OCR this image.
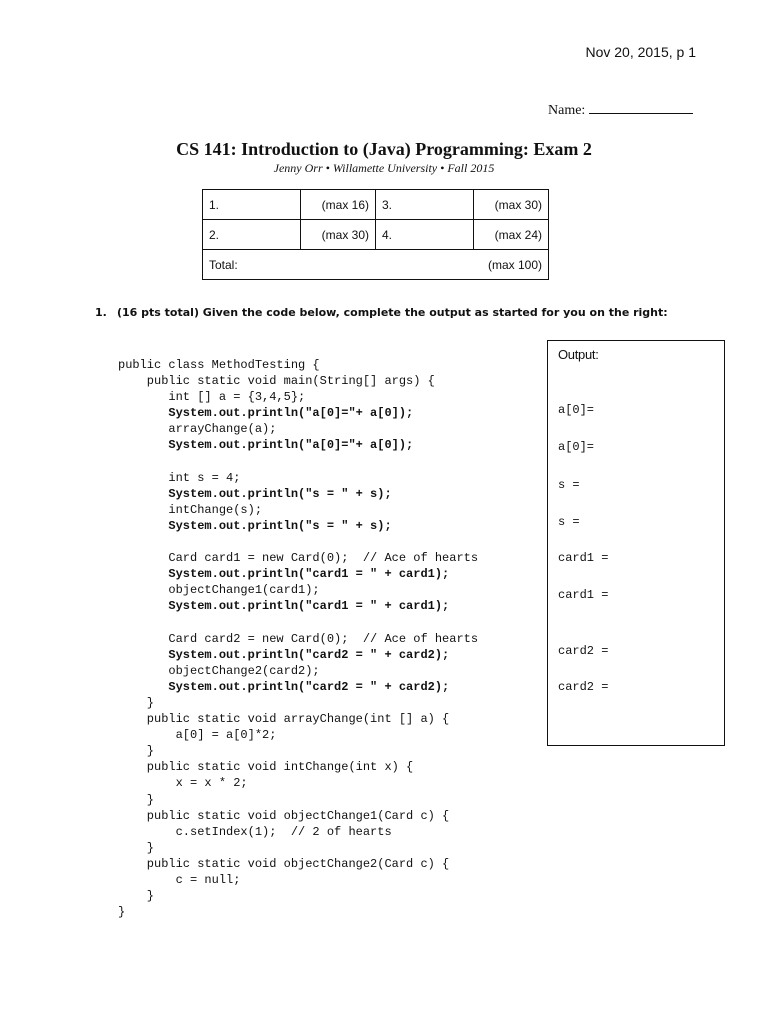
Nov 20, 2015, p 1
Name:
CS 141: Introduction to (Java) Programming: Exam 2
Jenny Orr • Willamette University • Fall 2015
1.	(max 16)	3.	(max 30)
2.	(max 30)	4.	(max 24)
Total:		(max 100)	
1. (16 pts total) Given the code below, complete the output as started for you on the right:
public class MethodTesting {
public static void main(String[] args) {
int [] a = {3,4,5};
System.out.println("a[0]="+ a[0]);
arrayChange(a);
System.out.println("a[0]="+ a[0]);
int s = 4;
System.out.println("s = " + s);
intChange(s);
System.out.println("s = " + s);
Card card1 = new Card(0);  // Ace of hearts
System.out.println("card1 = " + card1);
objectChange1(card1);
System.out.println("card1 = " + card1);
Card card2 = new Card(0);  // Ace of hearts
System.out.println("card2 = " + card2);
objectChange2(card2);
System.out.println("card2 = " + card2);
}
public static void arrayChange(int [] a) {
a[0] = a[0]*2;
}
public static void intChange(int x) {
x = x * 2;
}
public static void objectChange1(Card c) {
c.setIndex(1);  // 2 of hearts
}
public static void objectChange2(Card c) {
c = null;
}
}
Output:
a[0]=
a[0]=
s =
s =
card1 =
card1 =
card2 =
card2 =
